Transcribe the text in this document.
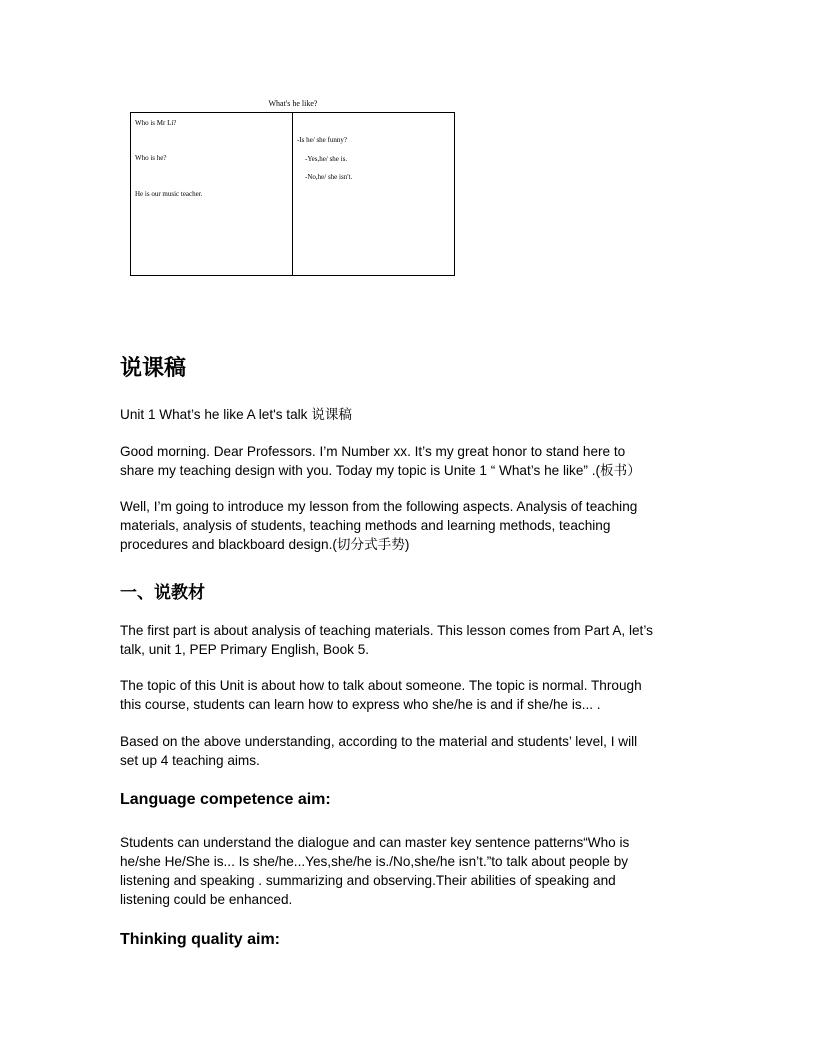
What's he like?
Who is Mr Li?
Who is he?
He is our music teacher.
-Is he/ she funny?
-Yes,he/ she is.
-No,he/ she isn't.
说课稿
Unit 1 What’s he like A let's talk 说课稿
Good morning. Dear Professors. I’m Number xx. It’s my great honor to stand here to
share my teaching design with you. Today my topic is Unite 1 “ What’s he like” .(板书）
Well, I’m going to introduce my lesson from the following aspects. Analysis of teaching
materials, analysis of students, teaching methods and learning methods, teaching
procedures and blackboard design.(切分式手势)
一、说教材
The first part is about analysis of teaching materials. This lesson comes from Part A, let’s
talk, unit 1, PEP Primary English, Book 5.
The topic of this Unit is about how to talk about someone. The topic is normal. Through
this course, students can learn how to express who she/he is and if she/he is... .
Based on the above understanding, according to the material and students’ level, I will
set up 4 teaching aims.
Language competence aim:
Students can understand the dialogue and can master key sentence patterns“Who is
he/she He/She is... Is she/he...Yes,she/he is./No,she/he isn’t.”to talk about people by
listening and speaking . summarizing and observing.Their abilities of speaking and
listening could be enhanced.
Thinking quality aim:
